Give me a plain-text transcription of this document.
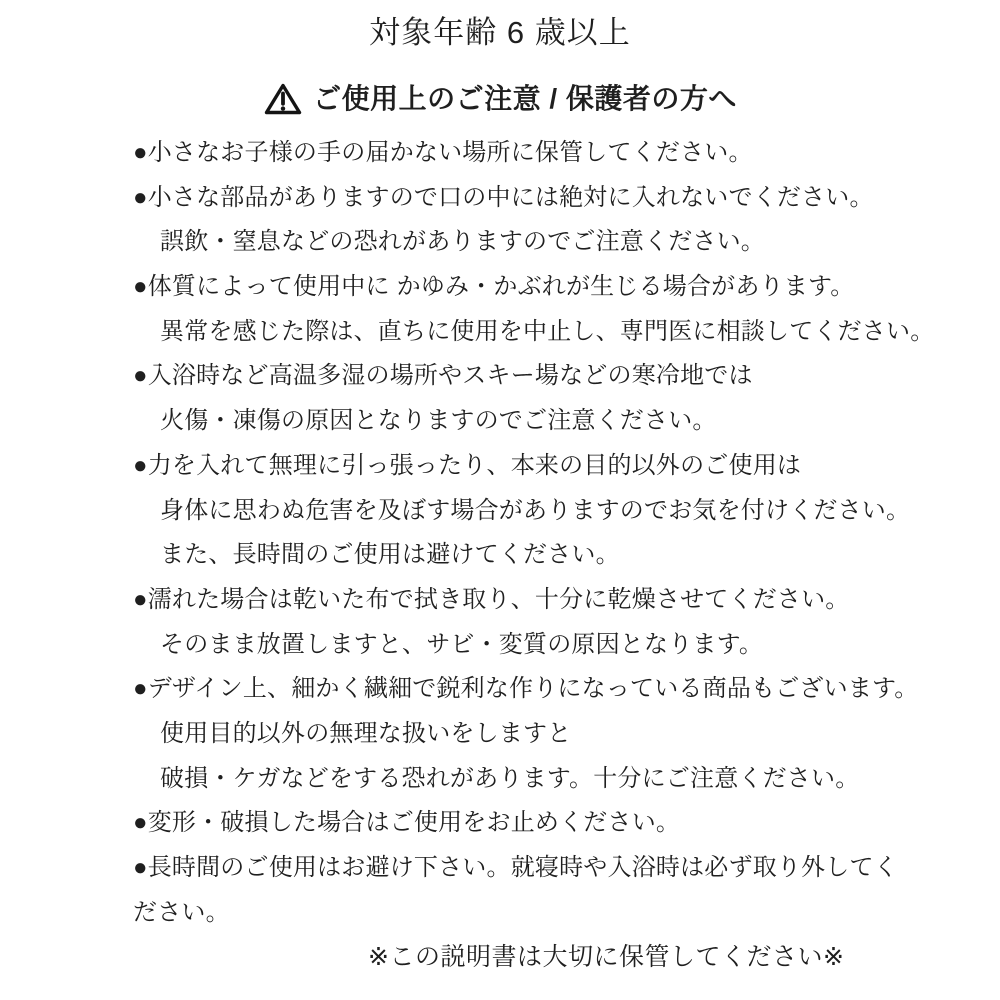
対象年齢 6 歳以上
ご使用上のご注意 / 保護者の方へ
●小さなお子様の手の届かない場所に保管してください。
●小さな部品がありますので口の中には絶対に入れないでください。
誤飲・窒息などの恐れがありますのでご注意ください。
●体質によって使用中に かゆみ・かぶれが生じる場合があります。
異常を感じた際は、直ちに使用を中止し、専門医に相談してください。
●入浴時など高温多湿の場所やスキー場などの寒冷地では
火傷・凍傷の原因となりますのでご注意ください。
●力を入れて無理に引っ張ったり、本来の目的以外のご使用は
身体に思わぬ危害を及ぼす場合がありますのでお気を付けください。
また、長時間のご使用は避けてください。
●濡れた場合は乾いた布で拭き取り、十分に乾燥させてください。
そのまま放置しますと、サビ・変質の原因となります。
●デザイン上、細かく繊細で鋭利な作りになっている商品もございます。
使用目的以外の無理な扱いをしますと
破損・ケガなどをする恐れがあります。十分にご注意ください。
●変形・破損した場合はご使用をお止めください。
●長時間のご使用はお避け下さい。就寝時や入浴時は必ず取り外してく
ださい。
※この説明書は大切に保管してください※
